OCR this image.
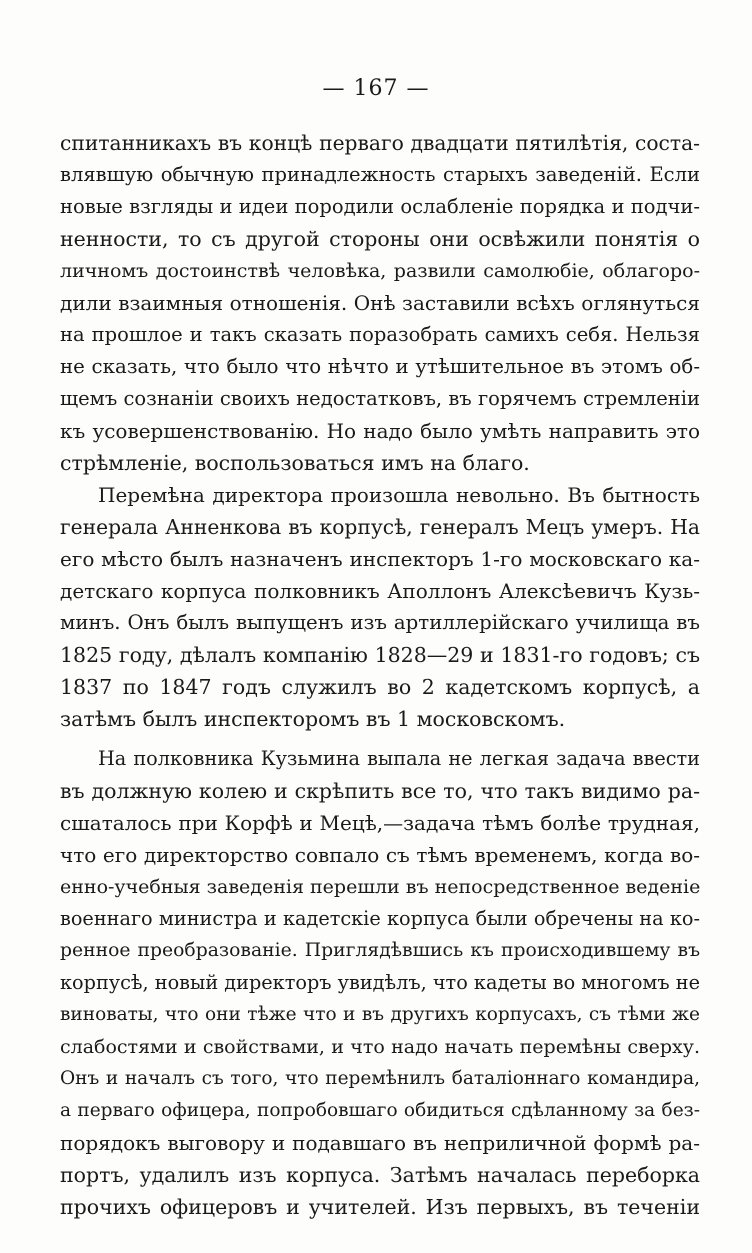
— 167 —
спитанникахъ въ концѣ перваго двадцати пятилѣтія, соста-
влявшую обычную принадлежность старыхъ заведеній. Если
новые взгляды и идеи породили ослабленіе порядка и подчи-
ненности, то съ другой стороны они освѣжили понятія о
личномъ достоинствѣ человѣка, развили самолюбіе, облагоро-
дили взаимныя отношенія. Онѣ заставили всѣхъ оглянуться
на прошлое и такъ сказать поразобрать самихъ себя. Нельзя
не сказать, что было что нѣчто и утѣшительное въ этомъ об-
щемъ сознаніи своихъ недостатковъ, въ горячемъ стремленіи
къ усовершенствованію. Но надо было умѣть направить это
стрѣмленіе, воспользоваться имъ на благо.
Перемѣна директора произошла невольно. Въ бытность
генерала Анненкова въ корпусѣ, генералъ Мецъ умеръ. На
его мѣсто былъ назначенъ инспекторъ 1-го московскаго ка-
детскаго корпуса полковникъ Аполлонъ Алексѣевичъ Кузь-
минъ. Онъ былъ выпущенъ изъ артиллерійскаго училища въ
1825 году, дѣлалъ компанію 1828—29 и 1831-го годовъ; съ
1837 по 1847 годъ служилъ во 2 кадетскомъ корпусѣ, а
затѣмъ былъ инспекторомъ въ 1 московскомъ.
На полковника Кузьмина выпала не легкая задача ввести
въ должную колею и скрѣпить все то, что такъ видимо ра-
сшаталось при Корфѣ и Мецѣ,—задача тѣмъ болѣе трудная,
что его директорство совпало съ тѣмъ временемъ, когда во-
енно-учебныя заведенія перешли въ непосредственное веденіе
военнаго министра и кадетскіе корпуса были обречены на ко-
ренное преобразованіе. Приглядѣвшись къ происходившему въ
корпусѣ, новый директоръ увидѣлъ, что кадеты во многомъ не
виноваты, что они тѣже что и въ другихъ корпусахъ, съ тѣми же
слабостями и свойствами, и что надо начать перемѣны сверху.
Онъ и началъ съ того, что перемѣнилъ баталіоннаго командира,
а перваго офицера, попробовшаго обидиться сдѣланному за без-
порядокъ выговору и подавшаго въ неприличной формѣ ра-
портъ, удалилъ изъ корпуса. Затѣмъ началась переборка
прочихъ офицеровъ и учителей. Изъ первыхъ, въ теченіи
